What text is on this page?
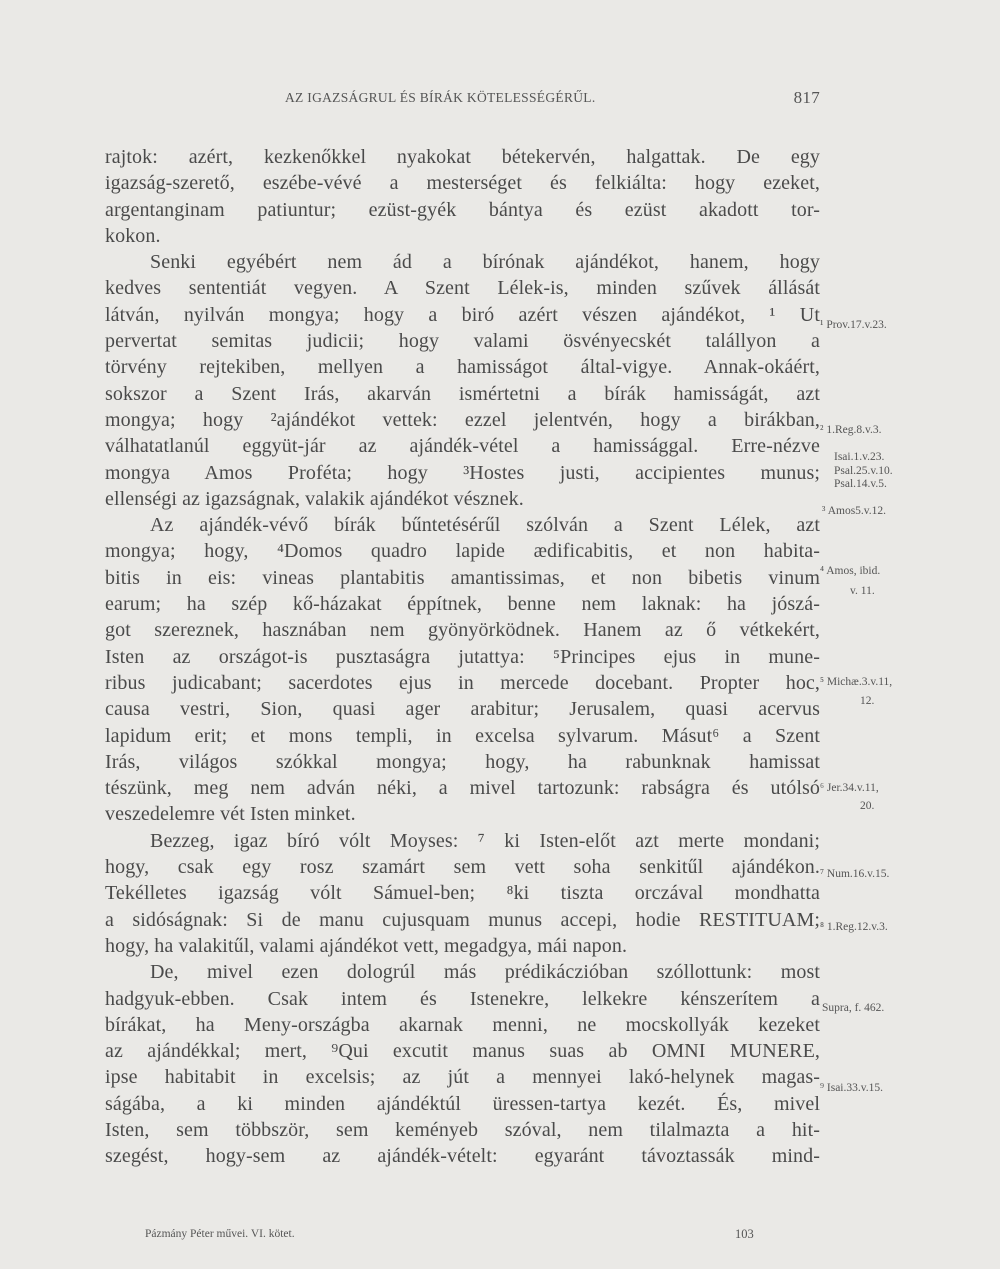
AZ IGAZSÁGRUL ÉS BÍRÁK KÖTELESSÉGÉRŰL.	817
rajtok: azért, kezkenőkkel nyakokat bétekervén, halgattak. De egy
igazság-szerető, eszébe-vévé a mesterséget és felkiálta: hogy ezeket,
argentanginam patiuntur; ezüst-gyék bántya és ezüst akadott tor-
kokon.
Senki egyébért nem ád a bírónak ajándékot, hanem, hogy
kedves sententiát vegyen. A Szent Lélek-is, minden szűvek állását
látván, nyilván mongya; hogy a biró azért vészen ajándékot, ¹ Ut
pervertat semitas judicii; hogy valami ösvényecskét talállyon a
törvény rejtekiben, mellyen a hamisságot által-vigye. Annak-okáért,
sokszor a Szent Irás, akarván ismértetni a bírák hamisságát, azt
mongya; hogy ²ajándékot vettek: ezzel jelentvén, hogy a birákban,
válhatatlanúl eggyüt-jár az ajándék-vétel a hamissággal. Erre-nézve
mongya Amos Proféta; hogy ³Hostes justi, accipientes munus;
ellenségi az igazságnak, valakik ajándékot vésznek.
Az ajándék-vévő bírák bűntetésérűl szólván a Szent Lélek, azt
mongya; hogy, ⁴Domos quadro lapide ædificabitis, et non habita-
bitis in eis: vineas plantabitis amantissimas, et non bibetis vinum
earum; ha szép kő-házakat éppítnek, benne nem laknak: ha jószá-
got szereznek, hasznában nem gyönyörködnek. Hanem az ő vétkekért,
Isten az országot-is pusztaságra jutattya: ⁵Principes ejus in mune-
ribus judicabant; sacerdotes ejus in mercede docebant. Propter hoc,
causa vestri, Sion, quasi ager arabitur; Jerusalem, quasi acervus
lapidum erit; et mons templi, in excelsa sylvarum. Másut⁶ a Szent
Irás, világos szókkal mongya; hogy, ha rabunknak hamissat
tészünk, meg nem adván néki, a mivel tartozunk: rabságra és utólsó
veszedelemre vét Isten minket.
Bezzeg, igaz bíró vólt Moyses: ⁷ ki Isten-előt azt merte mondani;
hogy, csak egy rosz szamárt sem vett soha senkitűl ajándékon.
Tekélletes igazság vólt Sámuel-ben; ⁸ki tiszta orczával mondhatta
a sidóságnak: Si de manu cujusquam munus accepi, hodie RESTITUAM;
hogy, ha valakitűl, valami ajándékot vett, megadgya, mái napon.
De, mivel ezen dologrúl más prédikáczióban szóllottunk: most
hadgyuk-ebben. Csak intem és Istenekre, lelkekre kénszerítem a
bírákat, ha Meny-országba akarnak menni, ne mocskollyák kezeket
az ajándékkal; mert, ⁹Qui excutit manus suas ab OMNI MUNERE,
ipse habitabit in excelsis; az jút a mennyei lakó-helynek magas-
ságába, a ki minden ajándéktúl üressen-tartya kezét. És, mivel
Isten, sem többször, sem keményeb szóval, nem tilalmazta a hit-
szegést, hogy-sem az ajándék-vételt: egyaránt távoztassák mind-
¹ Prov.17.v.23.
² 1.Reg.8.v.3.
Isai.1.v.23.
Psal.25.v.10.
Psal.14.v.5.
³ Amos5.v.12.
⁴ Amos, ibid.
v. 11.
⁵ Michæ.3.v.11,
12.
⁶ Jer.34.v.11,
20.
⁷ Num.16.v.15.
⁸ 1.Reg.12.v.3.
Supra, f. 462.
⁹ Isai.33.v.15.
Pázmány Péter művei. VI. kötet.	103
